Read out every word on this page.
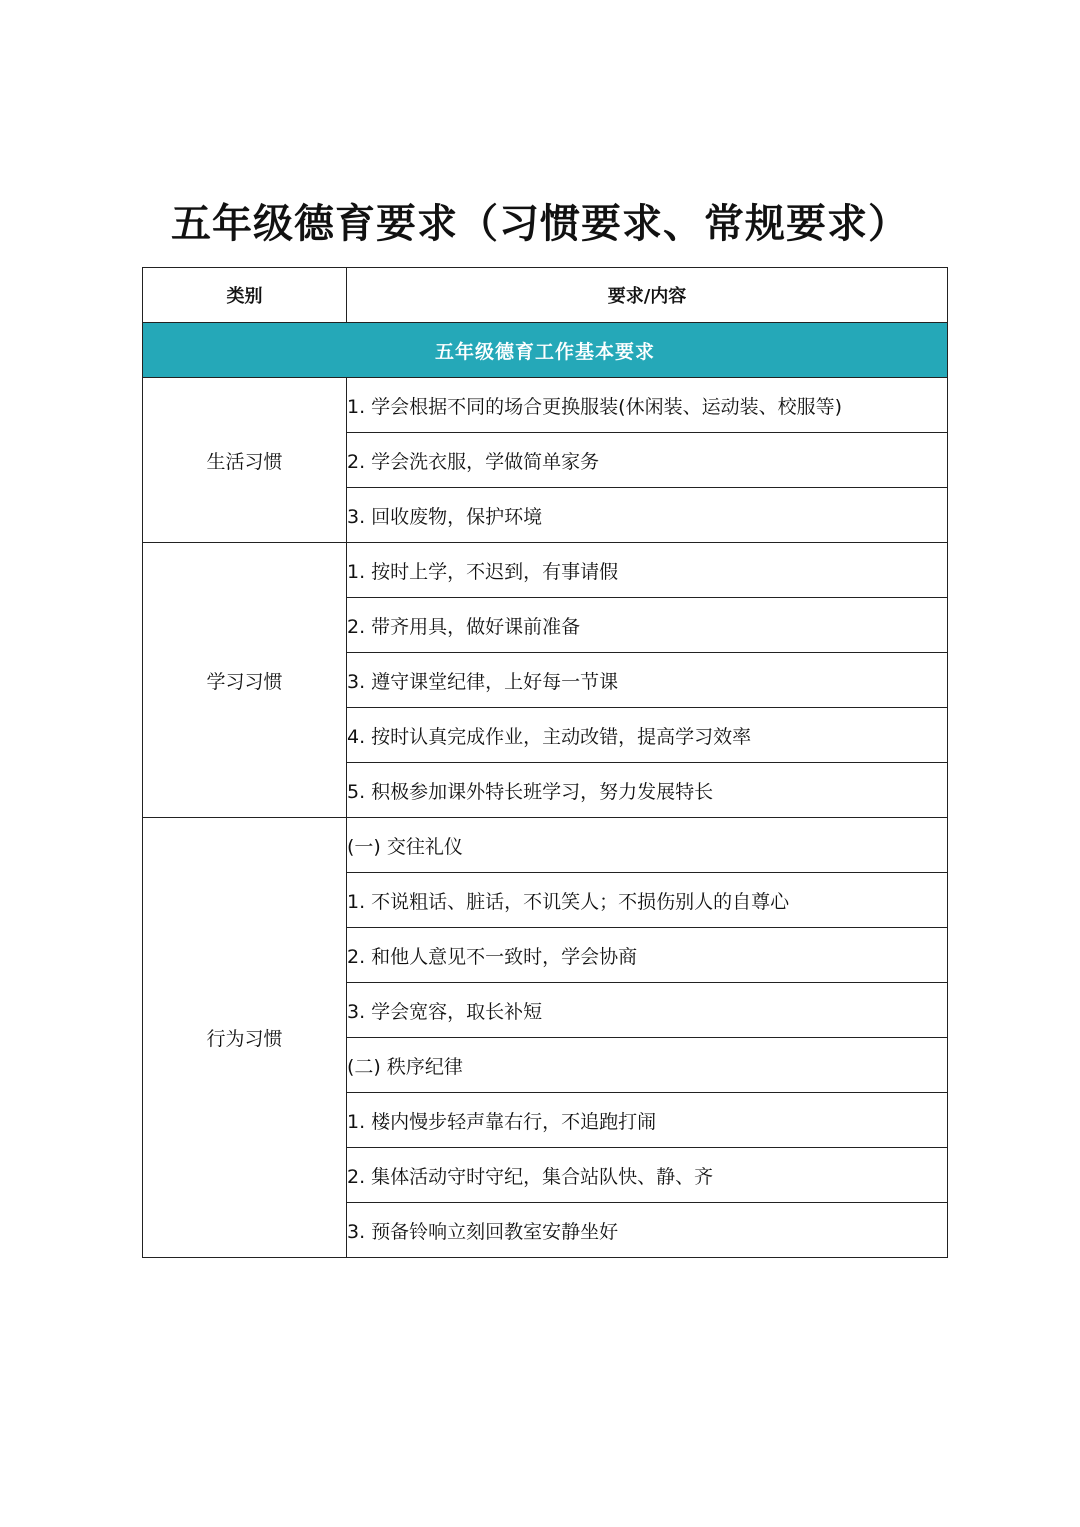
五年级德育要求（习惯要求、常规要求）
类别	要求/内容
五年级德育工作基本要求	
生活习惯	1. 学会根据不同的场合更换服装(休闲装、运动装、校服等)
	2. 学会洗衣服，学做简单家务
	3. 回收废物，保护环境
学习习惯	1. 按时上学，不迟到，有事请假
	2. 带齐用具，做好课前准备
	3. 遵守课堂纪律，上好每一节课
	4. 按时认真完成作业，主动改错，提高学习效率
	5. 积极参加课外特长班学习，努力发展特长
行为习惯	(一) 交往礼仪
	1. 不说粗话、脏话，不讥笑人；不损伤别人的自尊心
	2. 和他人意见不一致时，学会协商
	3. 学会宽容，取长补短
	(二) 秩序纪律
	1. 楼内慢步轻声靠右行，不追跑打闹
	2. 集体活动守时守纪，集合站队快、静、齐
	3. 预备铃响立刻回教室安静坐好
